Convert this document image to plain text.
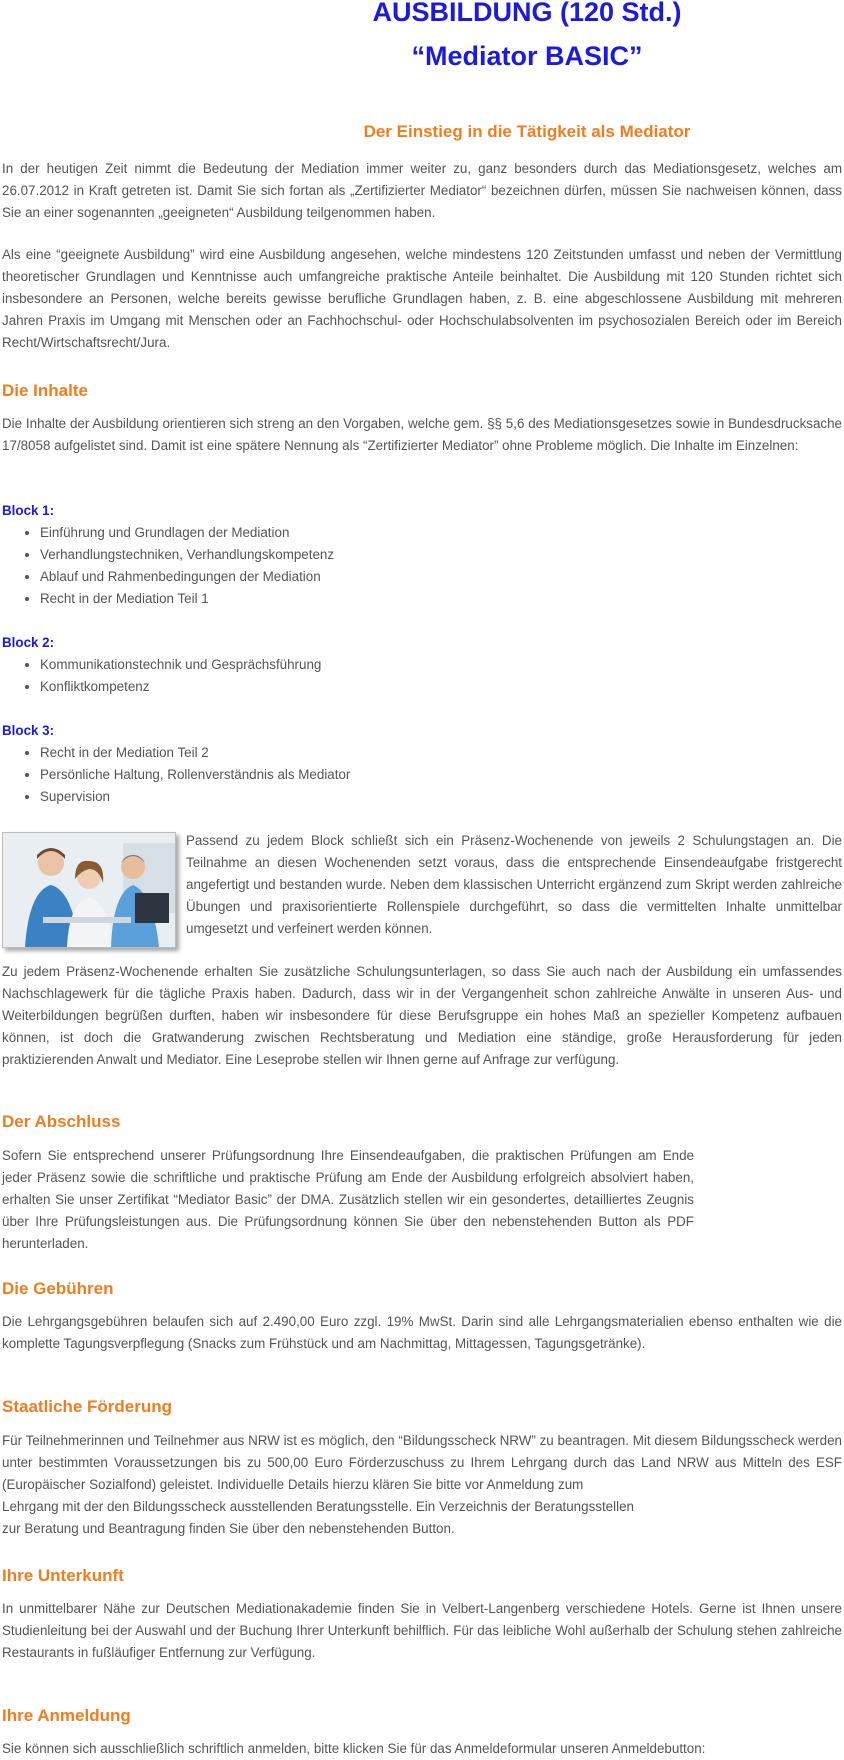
AUSBILDUNG (120 Std.)
“Mediator BASIC”
Der Einstieg in die Tätigkeit als Mediator

In der heutigen Zeit nimmt die Bedeutung der Mediation immer weiter zu, ganz besonders durch das Mediationsgesetz, welches am 26.07.2012 in Kraft getreten ist. Damit Sie sich fortan als „Zertifizierter Mediator“ bezeichnen dürfen, müssen Sie nachweisen können, dass Sie an einer sogenannten „geeigneten“ Ausbildung teilgenommen haben.

Als eine “geeignete Ausbildung” wird eine Ausbildung angesehen, welche mindestens 120 Zeitstunden umfasst und neben der Vermittlung theoretischer Grundlagen und Kenntnisse auch umfangreiche praktische Anteile beinhaltet. Die Ausbildung mit 120 Stunden richtet sich insbesondere an Personen, welche bereits gewisse berufliche Grundlagen haben, z. B. eine abgeschlossene Ausbildung mit mehreren Jahren Praxis im Umgang mit Menschen oder an Fachhochschul- oder Hochschulabsolventen im psychosozialen Bereich oder im Bereich Recht/Wirtschaftsrecht/Jura.

Die Inhalte

Die Inhalte der Ausbildung orientieren sich streng an den Vorgaben, welche gem. §§ 5,6 des Mediationsgesetzes sowie in Bundesdrucksache 17/8058 aufgelistet sind. Damit ist eine spätere Nennung als “Zertifizierter Mediator” ohne Probleme möglich. Die Inhalte im Einzelnen:

Block 1:

• Einführung und Grundlagen der Mediation
• Verhandlungstechniken, Verhandlungskompetenz
• Ablauf und Rahmenbedingungen der Mediation
• Recht in der Mediation Teil 1

Block 2:

• Kommunikationstechnik und Gesprächsführung
• Konfliktkompetenz

Block 3:

• Recht in der Mediation Teil 2
• Persönliche Haltung, Rollenverständnis als Mediator
• Supervision

Passend zu jedem Block schließt sich ein Präsenz-Wochenende von jeweils 2 Schulungstagen an. Die Teilnahme an diesen Wochenenden setzt voraus, dass die entsprechende Einsendeaufgabe fristgerecht angefertigt und bestanden wurde. Neben dem klassischen Unterricht ergänzend zum Skript werden zahlreiche Übungen und praxisorientierte Rollenspiele durchgeführt, so dass die vermittelten Inhalte unmittelbar umgesetzt und verfeinert werden können.

Zu jedem Präsenz-Wochenende erhalten Sie zusätzliche Schulungsunterlagen, so dass Sie auch nach der Ausbildung ein umfassendes Nachschlagewerk für die tägliche Praxis haben. Dadurch, dass wir in der Vergangenheit schon zahlreiche Anwälte in unseren Aus- und Weiterbildungen begrüßen durften, haben wir insbesondere für diese Berufsgruppe ein hohes Maß an spezieller Kompetenz aufbauen können, ist doch die Gratwanderung zwischen Rechtsberatung und Mediation eine ständige, große Herausforderung für jeden praktizierenden Anwalt und Mediator. Eine Leseprobe stellen wir Ihnen gerne auf Anfrage zur verfügung.

Der Abschluss

Sofern Sie entsprechend unserer Prüfungsordnung Ihre Einsendeaufgaben, die praktischen Prüfungen am Ende jeder Präsenz sowie die schriftliche und praktische Prüfung am Ende der Ausbildung erfolgreich absolviert haben, erhalten Sie unser Zertifikat “Mediator Basic” der DMA. Zusätzlich stellen wir ein gesondertes, detailliertes Zeugnis über Ihre Prüfungsleistungen aus. Die Prüfungsordnung können Sie über den nebenstehenden Button als PDF herunterladen.

Die Gebühren

Die Lehrgangsgebühren belaufen sich auf 2.490,00 Euro zzgl. 19% MwSt. Darin sind alle Lehrgangsmaterialien ebenso enthalten wie die komplette Tagungsverpflegung (Snacks zum Frühstück und am Nachmittag, Mittagessen, Tagungsgetränke).

Staatliche Förderung

Für Teilnehmerinnen und Teilnehmer aus NRW ist es möglich, den “Bildungsscheck NRW” zu beantragen. Mit diesem Bildungsscheck werden unter bestimmten Voraussetzungen bis zu 500,00 Euro Förderzuschuss zu Ihrem Lehrgang durch das Land NRW aus Mitteln des ESF (Europäischer Sozialfond) geleistet. Individuelle Details hierzu klären Sie bitte vor Anmeldung zum

Lehrgang mit der den Bildungsscheck ausstellenden Beratungsstelle. Ein Verzeichnis der Beratungsstellen

zur Beratung und Beantragung finden Sie über den nebenstehenden Button.

Ihre Unterkunft

In unmittelbarer Nähe zur Deutschen Mediationakademie finden Sie in Velbert-Langenberg verschiedene Hotels. Gerne ist Ihnen unsere Studienleitung bei der Auswahl und der Buchung Ihrer Unterkunft behilflich. Für das leibliche Wohl außerhalb der Schulung stehen zahlreiche Restaurants in fußläufiger Entfernung zur Verfügung.

Ihre Anmeldung

Sie können sich ausschließlich schriftlich anmelden, bitte klicken Sie für das Anmeldeformular unseren Anmeldebutton:
